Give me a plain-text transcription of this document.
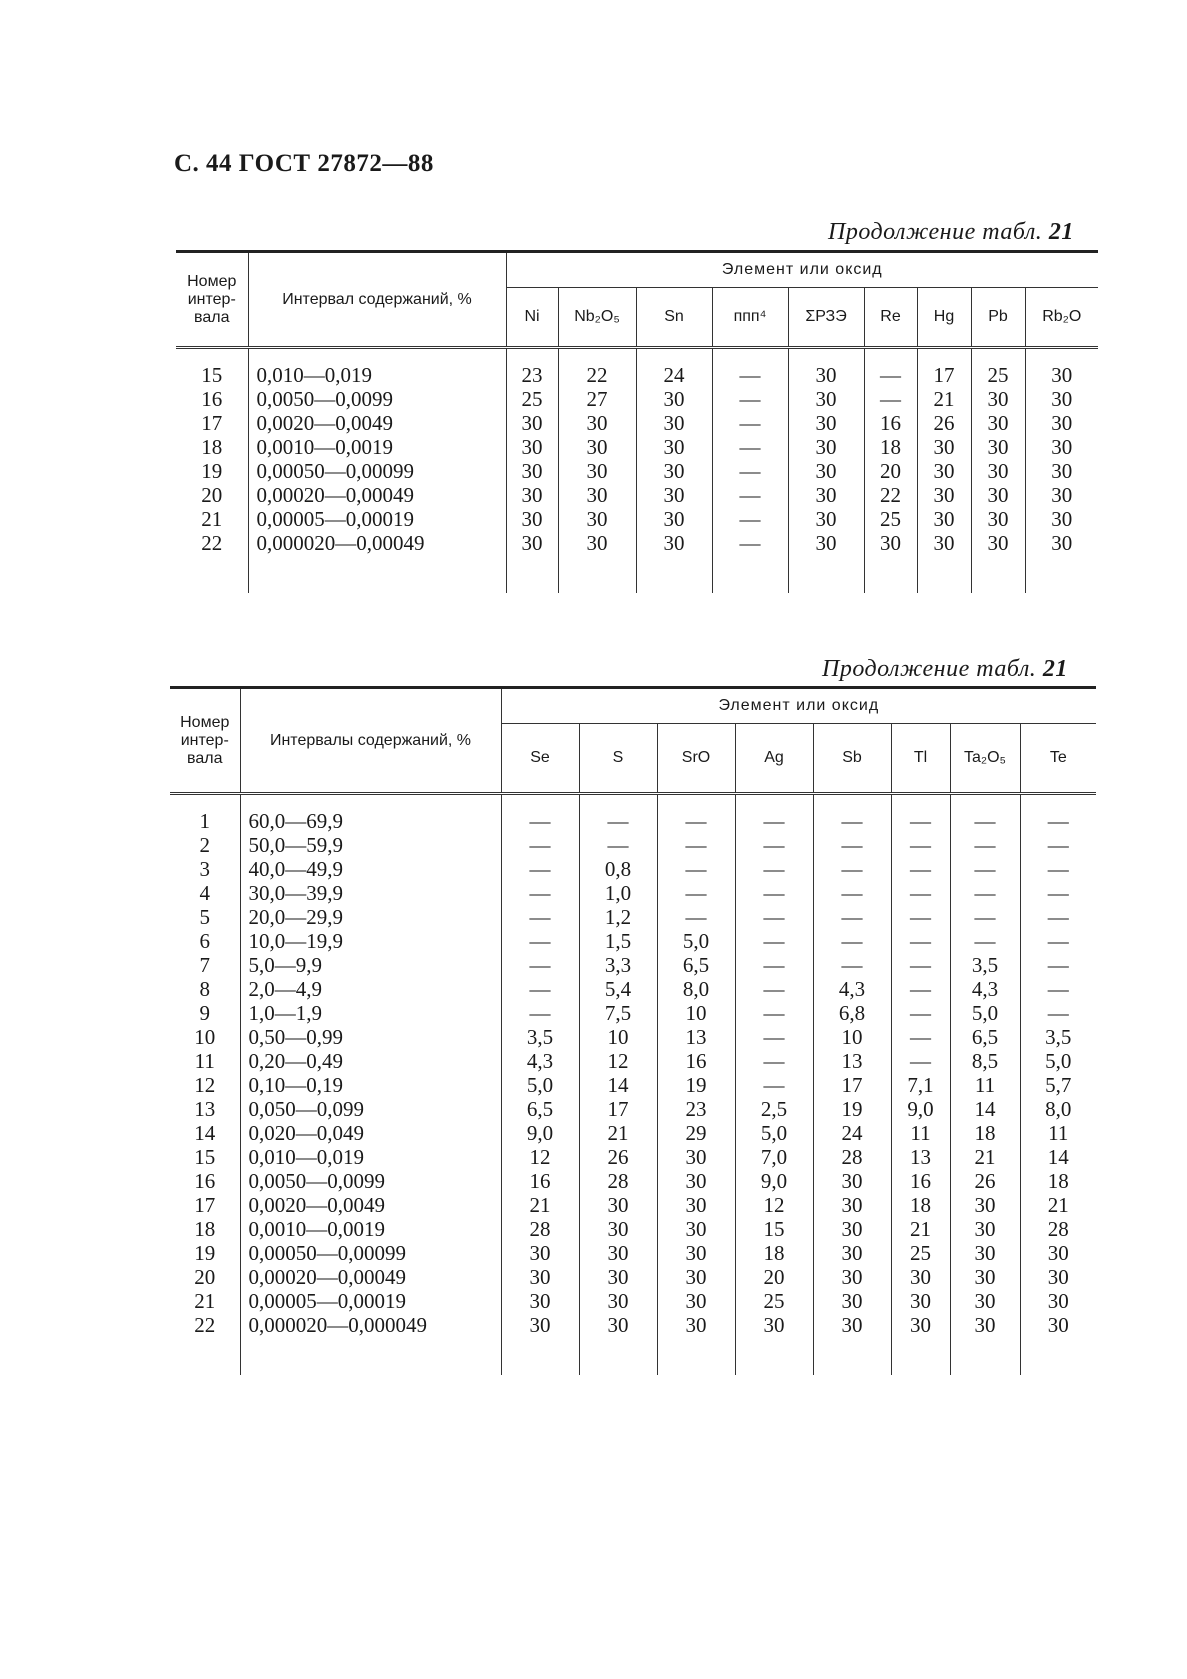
С. 44 ГОСТ 27872—88
Продолжение табл. 21
Номер интер-вала	Интервал содержаний, %	Элемент или оксид								
		Ni	Nb₂O₅	Sn	ппп⁴	ΣРЗЭ	Re	Hg	Pb	Rb₂O

15	0,010—0,019	23	22	24	—	30	—	17	25	30
16	0,0050—0,0099	25	27	30	—	30	—	21	30	30
17	0,0020—0,0049	30	30	30	—	30	16	26	30	30
18	0,0010—0,0019	30	30	30	—	30	18	30	30	30
19	0,00050—0,00099	30	30	30	—	30	20	30	30	30
20	0,00020—0,00049	30	30	30	—	30	22	30	30	30
21	0,00005—0,00019	30	30	30	—	30	25	30	30	30
22	0,000020—0,00049	30	30	30	—	30	30	30	30	30

Продолжение табл. 21
Номер интер-вала	Интервалы содержаний, %	Элемент или оксид							
		Se	S	SrO	Ag	Sb	Tl	Ta₂O₅	Te

1	60,0—69,9	—	—	—	—	—	—	—	—
2	50,0—59,9	—	—	—	—	—	—	—	—
3	40,0—49,9	—	0,8	—	—	—	—	—	—
4	30,0—39,9	—	1,0	—	—	—	—	—	—
5	20,0—29,9	—	1,2	—	—	—	—	—	—
6	10,0—19,9	—	1,5	5,0	—	—	—	—	—
7	5,0—9,9	—	3,3	6,5	—	—	—	3,5	—
8	2,0—4,9	—	5,4	8,0	—	4,3	—	4,3	—
9	1,0—1,9	—	7,5	10	—	6,8	—	5,0	—
10	0,50—0,99	3,5	10	13	—	10	—	6,5	3,5
11	0,20—0,49	4,3	12	16	—	13	—	8,5	5,0
12	0,10—0,19	5,0	14	19	—	17	7,1	11	5,7
13	0,050—0,099	6,5	17	23	2,5	19	9,0	14	8,0
14	0,020—0,049	9,0	21	29	5,0	24	11	18	11
15	0,010—0,019	12	26	30	7,0	28	13	21	14
16	0,0050—0,0099	16	28	30	9,0	30	16	26	18
17	0,0020—0,0049	21	30	30	12	30	18	30	21
18	0,0010—0,0019	28	30	30	15	30	21	30	28
19	0,00050—0,00099	30	30	30	18	30	25	30	30
20	0,00020—0,00049	30	30	30	20	30	30	30	30
21	0,00005—0,00019	30	30	30	25	30	30	30	30
22	0,000020—0,000049	30	30	30	30	30	30	30	30
